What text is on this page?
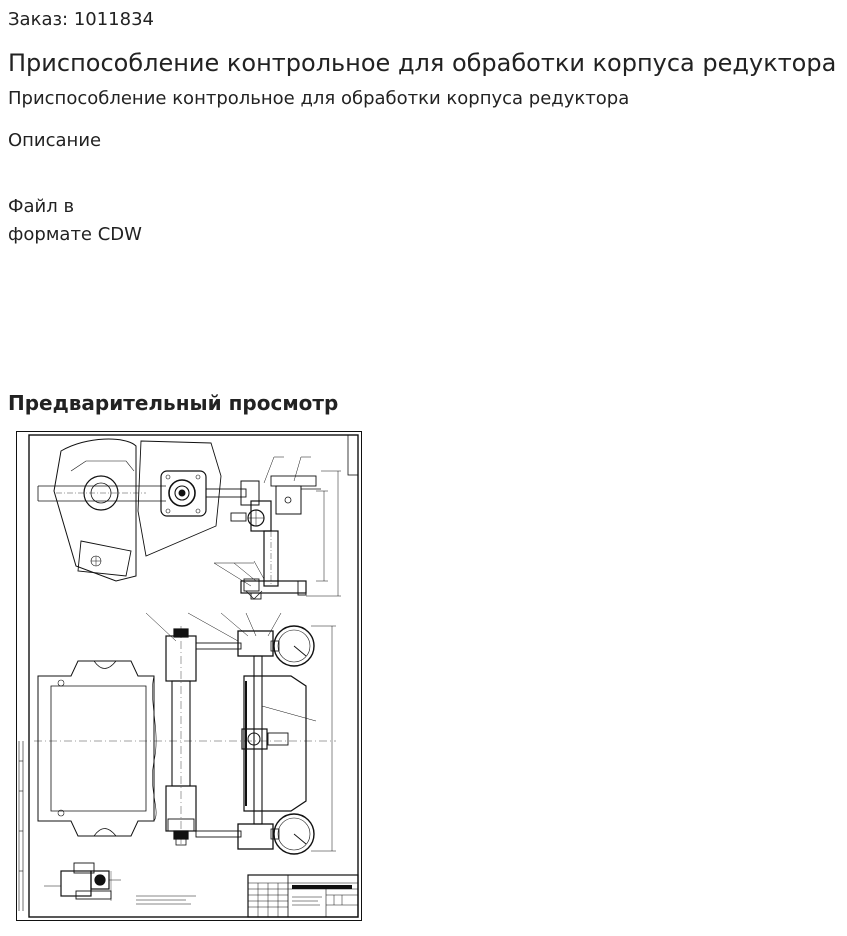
Заказ: 1011834

Приспособление контрольное для обработки корпуса редуктора

Приспособление контрольное для обработки корпуса редуктора

Описание

Файл в
формате CDW

Предварительный просмотр
